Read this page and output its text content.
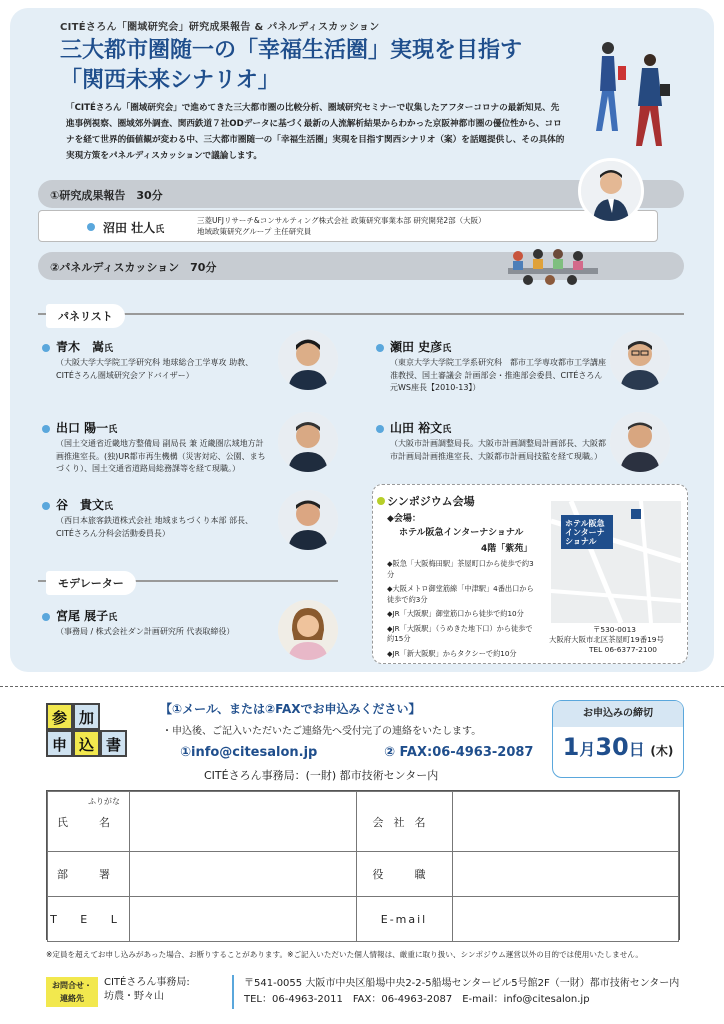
CITÉさろん「圏域研究会」研究成果報告 & パネルディスカッション
三大都市圏随一の「幸福生活圏」実現を目指す
「関西未来シナリオ」
「CITÉさろん「圏域研究会」で進めてきた三大都市圏の比較分析、圏域研究セミナーで収集したアフターコロナの最新知見、先進事例視察、圏域郊外調査、関西鉄道７社ODデータに基づく最新の人流解析結果からわかった京阪神都市圏の優位性から、コロナを経て世界的価値観が変わる中、三大都市圏随一の「幸福生活圏」実現を目指す関西シナリオ（案）を話題提供し、その具体的実現方策をパネルディスカッションで議論します。
①研究成果報告　30分
沼田 壮人氏
三菱UFJリサーチ&コンサルティング株式会社 政策研究事業本部 研究開発2部（大阪）
地域政策研究グループ 主任研究員
②パネルディスカッション　70分
パネリスト
青木　嵩氏
（大阪大学大学院工学研究科 地球総合工学専攻 助教、CITÉさろん圏域研究会アドバイザー）
瀬田 史彦氏
（東京大学大学院工学系研究科　都市工学専攻都市工学講座 准教授、国土審議会 計画部会・推進部会委員、CITÉさろん元WS座長【2010-13】）
出口 陽一氏
（国土交通省近畿地方整備局 副局長 兼 近畿圏広域地方計画推進室長。(独)UR都市再生機構（災害対応、公園、まちづくり）、国土交通省道路局総務課等を経て現職。）
山田 裕文氏
（大阪市計画調整局長。大阪市計画調整局計画部長、大阪都市計画局計画推進室長、大阪都市計画局技監を経て現職。）
谷　貴文氏
（西日本旅客鉄道株式会社 地域まちづくり本部 部長、CITÉさろん分科会活動委員長）
モデレーター
宮尾 展子氏
（事務局 / 株式会社ダン計画研究所 代表取締役）
シンポジウム会場
◆会場：
ホテル阪急インターナショナル
4階「紫苑」
◆阪急「大阪梅田駅」茶屋町口から徒歩で約3分
◆大阪メトロ御堂筋線「中津駅」4番出口から徒歩で約3分
◆JR「大阪駅」御堂筋口から徒歩で約10分
◆JR「大阪駅」（うめきた地下口）から徒歩で約15分
◆JR「新大阪駅」からタクシーで約10分
ホテル阪急インターナショナル
〒530-0013
大阪府大阪市北区茶屋町19番19号
TEL 06-6377-2100
参 加
申 込 書
【①メール、または②FAXでお申込みください】
・申込後、ご記入いただいたご連絡先へ受付完了の連絡をいたします。
①info@citesalon.jp	② FAX:06-4963-2087
CITÉさろん事務局：(一財) 都市技術センター内
お申込みの締切
1月30日 (木)
氏　名		会社名	
部　署		役　職	
T E L		E-mail	
ふりがな
※定員を超えてお申し込みがあった場合、お断りすることがあります。※ご記入いただいた個人情報は、厳重に取り扱い、シンポジウム運営以外の目的では使用いたしません。
お問合せ・
連絡先
CITÉさろん事務局:
坊農・野々山
〒541-0055 大阪市中央区船場中央2-2-5船場センタービル5号館2F（一財）都市技術センター内
TEL：06-4963-2011　FAX：06-4963-2087　E-mail：info@citesalon.jp
